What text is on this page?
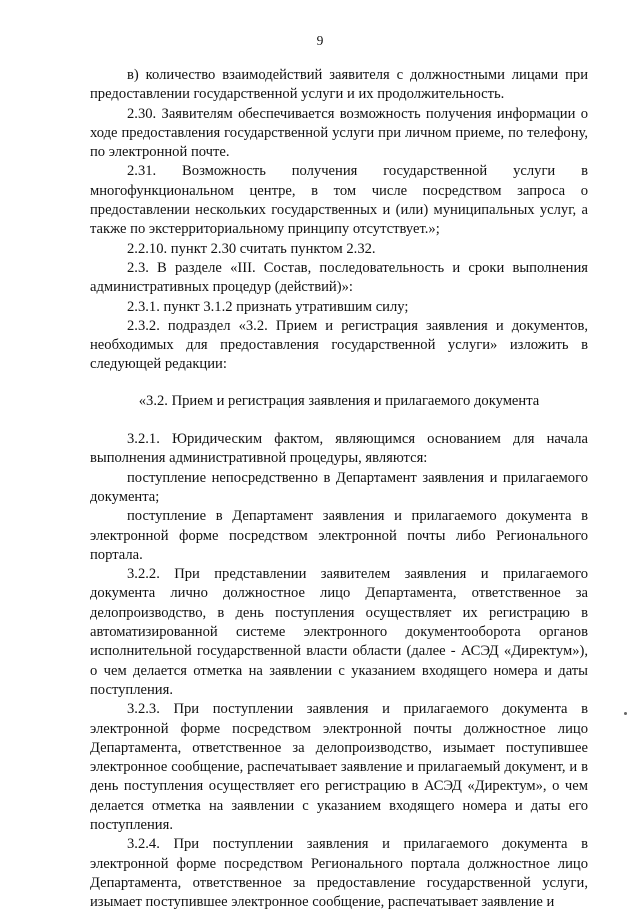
9

в) количество взаимодействий заявителя с должностными лицами при предоставлении государственной услуги и их продолжительность.

2.30. Заявителям обеспечивается возможность получения информации о ходе предоставления государственной услуги при личном приеме, по телефону, по электронной почте.

2.31. Возможность получения государственной услуги в многофункциональном центре, в том числе посредством запроса о предоставлении нескольких государственных и (или) муниципальных услуг, а также по экстерриториальному принципу отсутствует.»;

2.2.10. пункт 2.30 считать пунктом 2.32.

2.3. В разделе «III. Состав, последовательность и сроки выполнения административных процедур (действий)»:

2.3.1. пункт 3.1.2 признать утратившим силу;

2.3.2. подраздел «3.2. Прием и регистрация заявления и документов, необходимых для предоставления государственной услуги» изложить в следующей редакции:

«3.2. Прием и регистрация заявления и прилагаемого документа

3.2.1. Юридическим фактом, являющимся основанием для начала выполнения административной процедуры, являются:

поступление непосредственно в Департамент заявления и прилагаемого документа;

поступление в Департамент заявления и прилагаемого документа в электронной форме посредством электронной почты либо Регионального портала.

3.2.2. При представлении заявителем заявления и прилагаемого документа лично должностное лицо Департамента, ответственное за делопроизводство, в день поступления осуществляет их регистрацию в автоматизированной системе электронного документооборота органов исполнительной государственной власти области (далее - АСЭД «Директум»), о чем делается отметка на заявлении с указанием входящего номера и даты поступления.

3.2.3. При поступлении заявления и прилагаемого документа в электронной форме посредством электронной почты должностное лицо Департамента, ответственное за делопроизводство, изымает поступившее электронное сообщение, распечатывает заявление и прилагаемый документ, и в день поступления осуществляет его регистрацию в АСЭД «Директум», о чем делается отметка на заявлении с указанием входящего номера и даты его поступления.

3.2.4. При поступлении заявления и прилагаемого документа в электронной форме посредством Регионального портала должностное лицо Департамента, ответственное за предоставление государственной услуги, изымает поступившее электронное сообщение, распечатывает заявление и
